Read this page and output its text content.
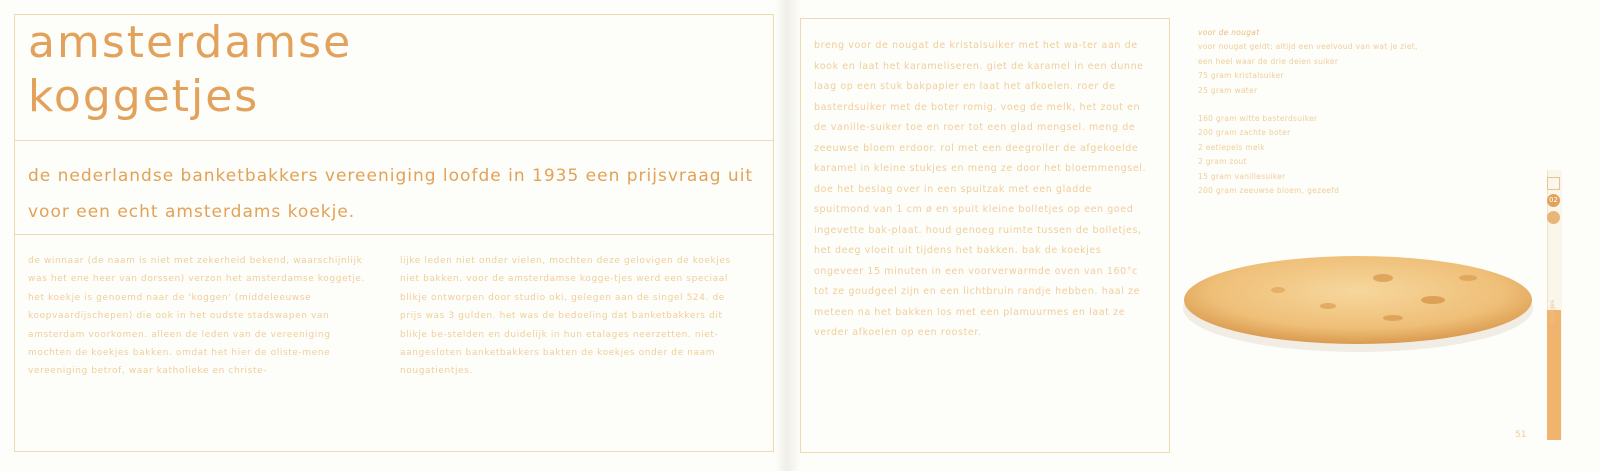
amsterdamse
koggetjes

de nederlandse banketbakkers vereeniging loofde in 1935 een prijsvraag uit voor een echt amsterdams koekje.

de winnaar (de naam is niet met zekerheid bekend, waarschijnlijk was het ene heer van dorssen) verzon het amsterdamse koggetje. het koekje is genoemd naar de 'koggen' (middeleeuwse koopvaardijschepen) die ook in het oudste stadswapen van amsterdam voorkomen. alleen de leden van de vereeniging mochten de koekjes bakken. omdat het hier de oliste-mene vereeniging betrof, waar katholieke en christe-

lijke leden niet onder vielen, mochten deze gelovigen de koekjes niet bakken. voor de amsterdamse kogge-tjes werd een speciaal blikje ontworpen door studio oki, gelegen aan de singel 524. de prijs was 3 gulden. het was de bedoeling dat banketbakkers dit blikje be-stelden en duidelijk in hun etalages neerzetten. niet-aangesloten banketbakkers bakten de koekjes onder de naam nougatientjes.

breng voor de nougat de kristalsuiker met het wa-ter aan de kook en laat het karameliseren. giet de karamel in een dunne laag op een stuk bakpapier en laat het afkoelen. roer de basterdsuiker met de boter romig. voeg de melk, het zout en de vanille-suiker toe en roer tot een glad mengsel. meng de zeeuwse bloem erdoor. rol met een deegroller de afgekoelde karamel in kleine stukjes en meng ze door het bloemmengsel. doe het beslag over in een spuitzak met een gladde spuitmond van 1 cm ø en spuit kleine bolletjes op een goed ingevette bak-plaat. houd genoeg ruimte tussen de bolletjes, het deeg vloeit uit tijdens het bakken. bak de koekjes ongeveer 15 minuten in een voorverwarmde oven van 160°c tot ze goudgeel zijn en een lichtbruin randje hebben. haal ze meteen na het bakken los met een plamuurmes en laat ze verder afkoelen op een rooster.

voor de nougat
voor nougat geldt: altijd een veelvoud van wat je ziet,
een heel waar de drie delen suiker
75 gram kristalsuiker
25 gram water
160 gram witte basterdsuiker
200 gram zachte boter
2 eetlepels melk
2 gram zout
15 gram vanillesuiker
200 gram zeeuwse bloem, gezeefd
02
koekjes
51
